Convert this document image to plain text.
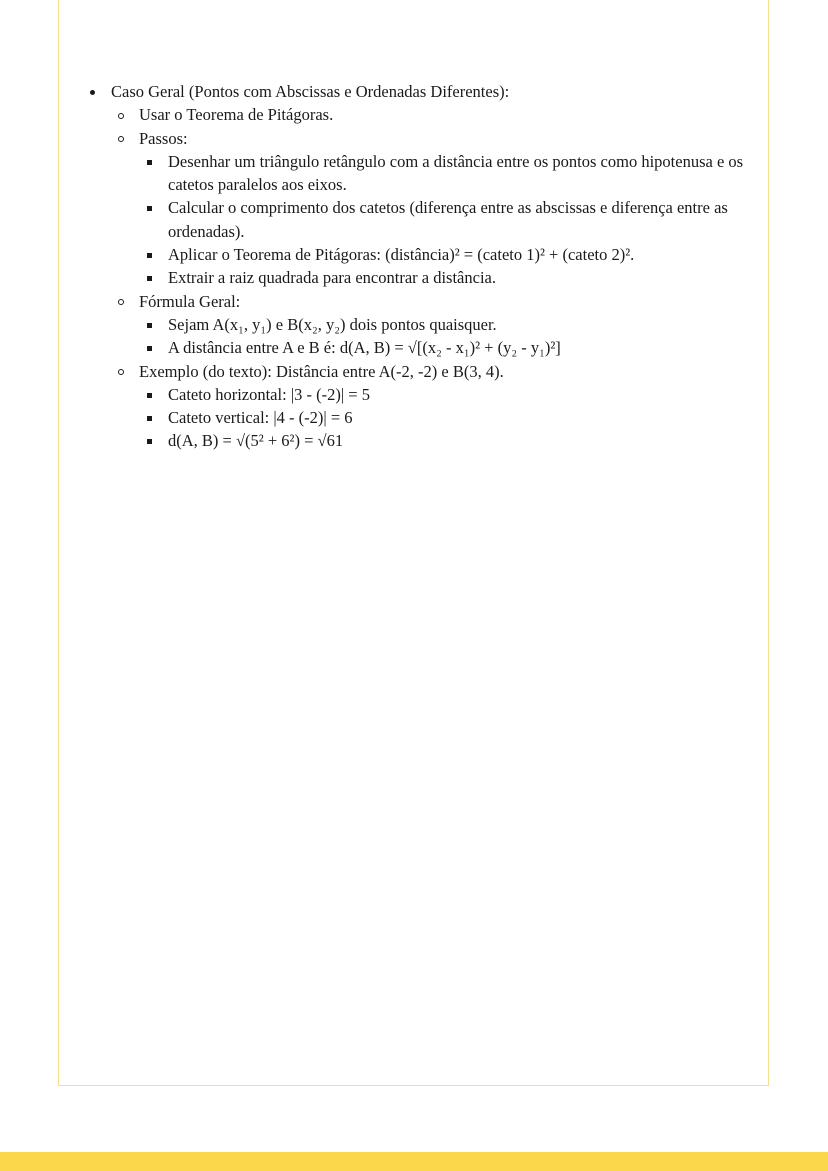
Caso Geral (Pontos com Abscissas e Ordenadas Diferentes):
Usar o Teorema de Pitágoras.
Passos:
Desenhar um triângulo retângulo com a distância entre os pontos como hipotenusa e os catetos paralelos aos eixos.
Calcular o comprimento dos catetos (diferença entre as abscissas e diferença entre as ordenadas).
Aplicar o Teorema de Pitágoras: (distância)² = (cateto 1)² + (cateto 2)².
Extrair a raiz quadrada para encontrar a distância.
Fórmula Geral:
Sejam A(x₁, y₁) e B(x₂, y₂) dois pontos quaisquer.
A distância entre A e B é: d(A, B) = √[(x₂ - x₁)² + (y₂ - y₁)²]
Exemplo (do texto): Distância entre A(-2, -2) e B(3, 4).
Cateto horizontal: |3 - (-2)| = 5
Cateto vertical: |4 - (-2)| = 6
d(A, B) = √(5² + 6²) = √61
